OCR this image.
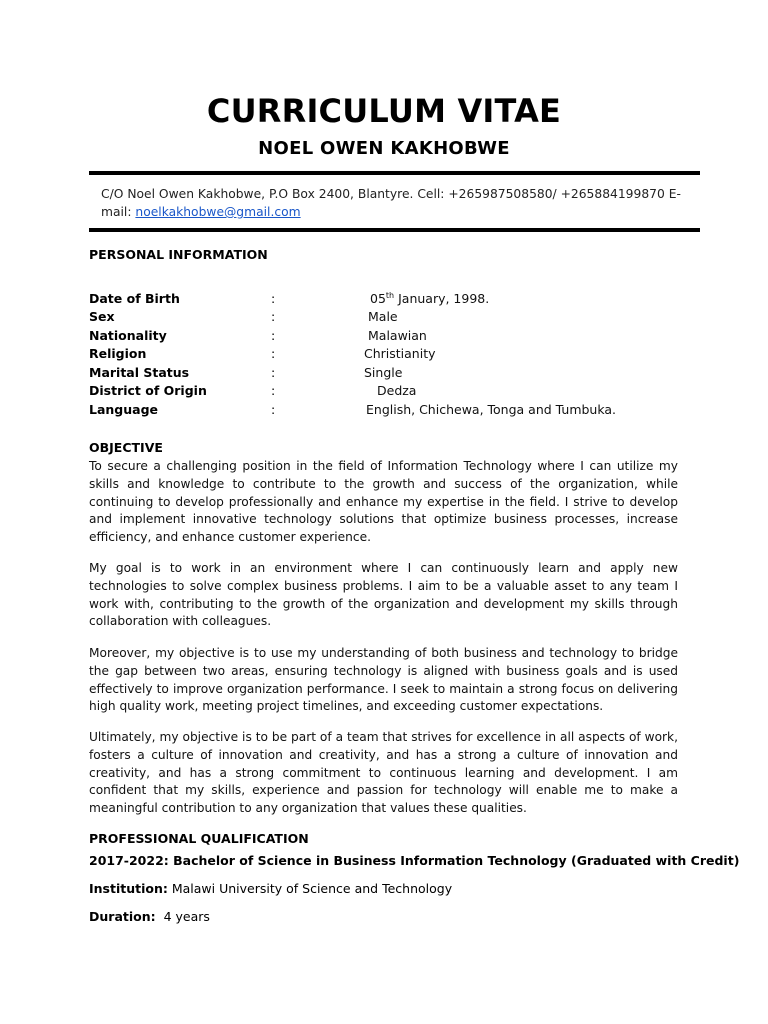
CURRICULUM VITAE
NOEL OWEN KAKHOBWE
C/O Noel Owen Kakhobwe, P.O Box 2400, Blantyre. Cell: +265987508580/ +265884199870 E-mail: noelkakhobwe@gmail.com
PERSONAL INFORMATION
Date of Birth	:	05th January, 1998.
Sex	:	Male
Nationality	:	Malawian
Religion	:	Christianity
Marital Status	:	Single
District of Origin	:	Dedza
Language	:	English, Chichewa, Tonga and Tumbuka.
OBJECTIVE
To secure a challenging position in the field of Information Technology where I can utilize my skills and knowledge to contribute to the growth and success of the organization, while continuing to develop professionally and enhance my expertise in the field. I strive to develop and implement innovative technology solutions that optimize business processes, increase efficiency, and enhance customer experience.
My goal is to work in an environment where I can continuously learn and apply new technologies to solve complex business problems. I aim to be a valuable asset to any team I work with, contributing to the growth of the organization and development my skills through collaboration with colleagues.
Moreover, my objective is to use my understanding of both business and technology to bridge the gap between two areas, ensuring technology is aligned with business goals and is used effectively to improve organization performance. I seek to maintain a strong focus on delivering high quality work, meeting project timelines, and exceeding customer expectations.
Ultimately, my objective is to be part of a team that strives for excellence in all aspects of work, fosters a culture of innovation and creativity, and has a strong a culture of innovation and creativity, and has a strong commitment to continuous learning and development. I am confident that my skills, experience and passion for technology will enable me to make a meaningful contribution to any organization that values these qualities.
PROFESSIONAL QUALIFICATION
2017-2022: Bachelor of Science in Business Information Technology (Graduated with Credit)
Institution: Malawi University of Science and Technology
Duration:  4 years
